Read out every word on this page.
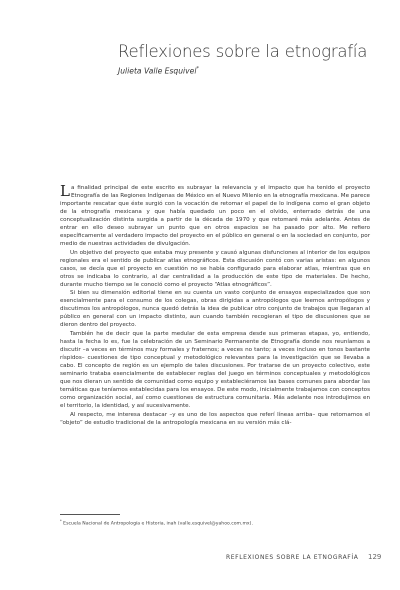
Reflexiones sobre la etnografía
Julieta Valle Esquivel*

La finalidad principal de este escrito es subrayar la relevancia y el impacto que ha tenido el proyecto Etnografía de las Regiones Indígenas de México en el Nuevo Milenio en la etnografía mexicana. Me parece importante rescatar que éste surgió con la vocación de retomar el papel de lo indígena como el gran objeto de la etnografía mexicana y que había quedado un poco en el olvido, enterrado detrás de una conceptualización distinta surgida a partir de la década de 1970 y que retomaré más adelante. Antes de entrar en ello deseo subrayar un punto que en otros espacios se ha pasado por alto. Me refiero específicamente al verdadero impacto del proyecto en el público en general o en la sociedad en conjunto, por medio de nuestras actividades de divulgación.

Un objetivo del proyecto que estaba muy presente y causó algunas disfunciones al interior de los equipos regionales era el sentido de publicar atlas etnográficos. Esta discusión contó con varias aristas: en algunos casos, se decía que el proyecto en cuestión no se había configurado para elaborar atlas, mientras que en otros se indicaba lo contrario, al dar centralidad a la producción de este tipo de materiales. De hecho, durante mucho tiempo se le conoció como el proyecto “Atlas etnográficos”.

Si bien su dimensión editorial tiene en su cuenta un vasto conjunto de ensayos especializados que son esencialmente para el consumo de los colegas, obras dirigidas a antropólogos que leemos antropólogos y discutimos los antropólogos, nunca quedó detrás la idea de publicar otro conjunto de trabajos que llegaran al público en general con un impacto distinto, aun cuando también recogieran el tipo de discusiones que se dieron dentro del proyecto.

También he de decir que la parte medular de esta empresa desde sus primeras etapas, yo, entiendo, hasta la fecha lo es, fue la celebración de un Seminario Permanente de Etnografía donde nos reuníamos a discutir –a veces en términos muy formales y fraternos; a veces no tanto; a veces incluso en tonos bastante ríspidos– cuestiones de tipo conceptual y metodológico relevantes para la investigación que se llevaba a cabo. El concepto de región es un ejemplo de tales discusiones. Por tratarse de un proyecto colectivo, este seminario trataba esencialmente de establecer reglas del juego en términos conceptuales y metodológicos que nos dieran un sentido de comunidad como equipo y estableciéramos las bases comunes para abordar las temáticas que teníamos establecidas para los ensayos. De este modo, inicialmente trabajamos con conceptos como organización social, así como cuestiones de estructura comunitaria. Más adelante nos introdujimos en el territorio, la identidad, y así sucesivamente.

Al respecto, me interesa destacar –y es uno de los aspectos que referí líneas arriba– que retomamos el “objeto” de estudio tradicional de la antropología mexicana en su versión más clá-

* Escuela Nacional de Antropología e Historia, inah (valle.esquivel@yahoo.com.mx).
REFLEXIONES SOBRE LA ETNOGRAFÍA 129
